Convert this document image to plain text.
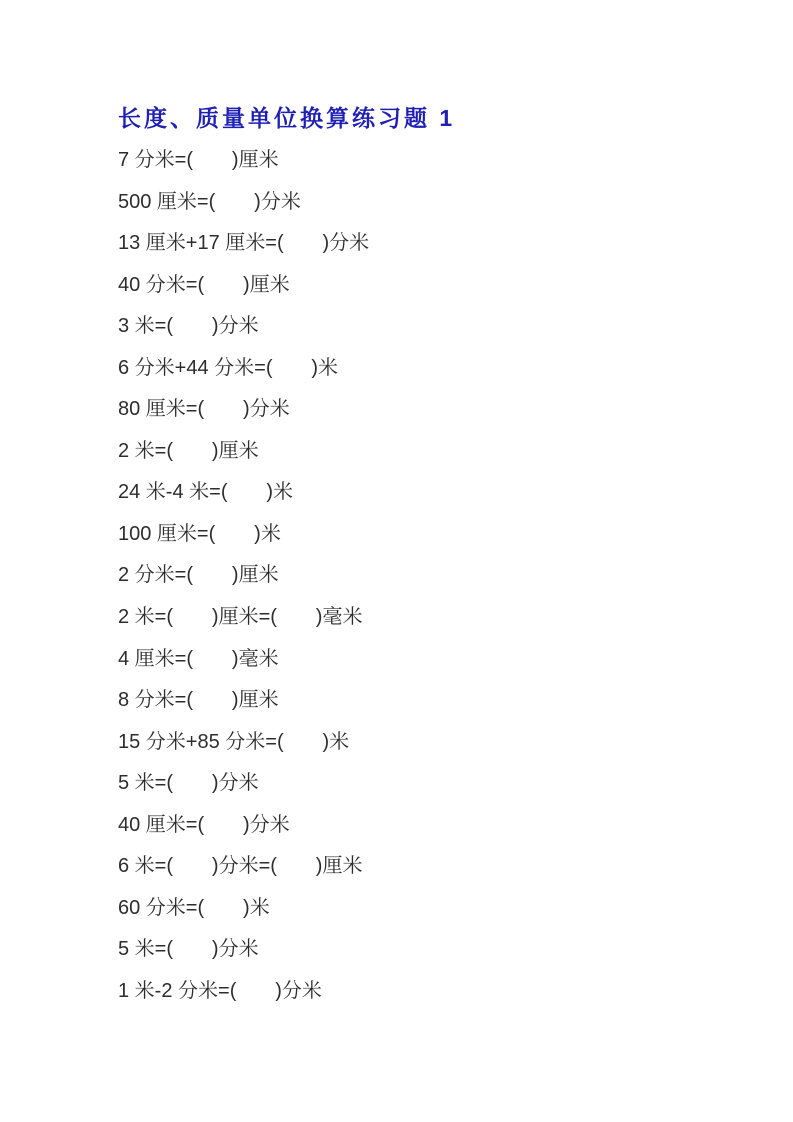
长度、质量单位换算练习题 1
7 分米=(       )厘米
500 厘米=(       )分米
13 厘米+17 厘米=(       )分米
40 分米=(       )厘米
3 米=(       )分米
6 分米+44 分米=(       )米
80 厘米=(       )分米
2 米=(       )厘米
24 米-4 米=(       )米
100 厘米=(       )米
2 分米=(       )厘米
2 米=(       )厘米=(       )毫米
4 厘米=(       )毫米
8 分米=(       )厘米
15 分米+85 分米=(       )米
5 米=(       )分米
40 厘米=(       )分米
6 米=(       )分米=(       )厘米
60 分米=(       )米
5 米=(       )分米
1 米-2 分米=(       )分米
